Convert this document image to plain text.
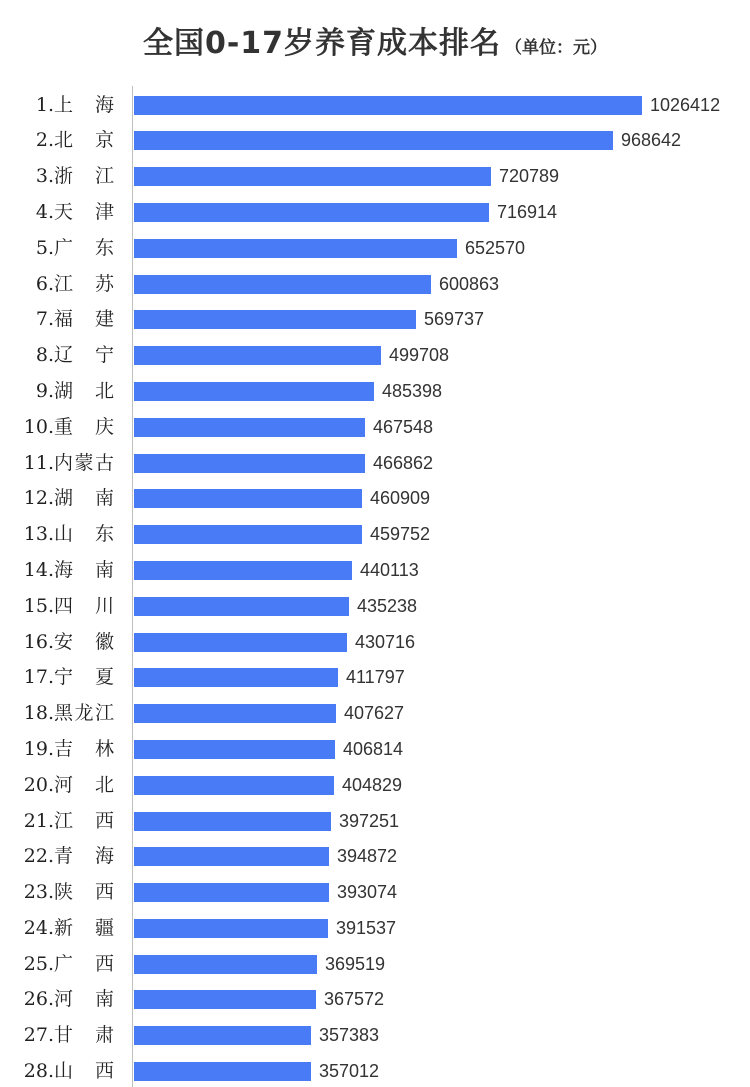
全国0-17岁养育成本排名 （单位：元）
1.上海	1026412
2.北京	968642
3.浙江	720789
4.天津	716914
5.广东	652570
6.江苏	600863
7.福建	569737
8.辽宁	499708
9.湖北	485398
10.重庆	467548
11.内蒙古	466862
12.湖南	460909
13.山东	459752
14.海南	440113
15.四川	435238
16.安徽	430716
17.宁夏	411797
18.黑龙江	407627
19.吉林	406814
20.河北	404829
21.江西	397251
22.青海	394872
23.陕西	393074
24.新疆	391537
25.广西	369519
26.河南	367572
27.甘肃	357383
28.山西	357012
